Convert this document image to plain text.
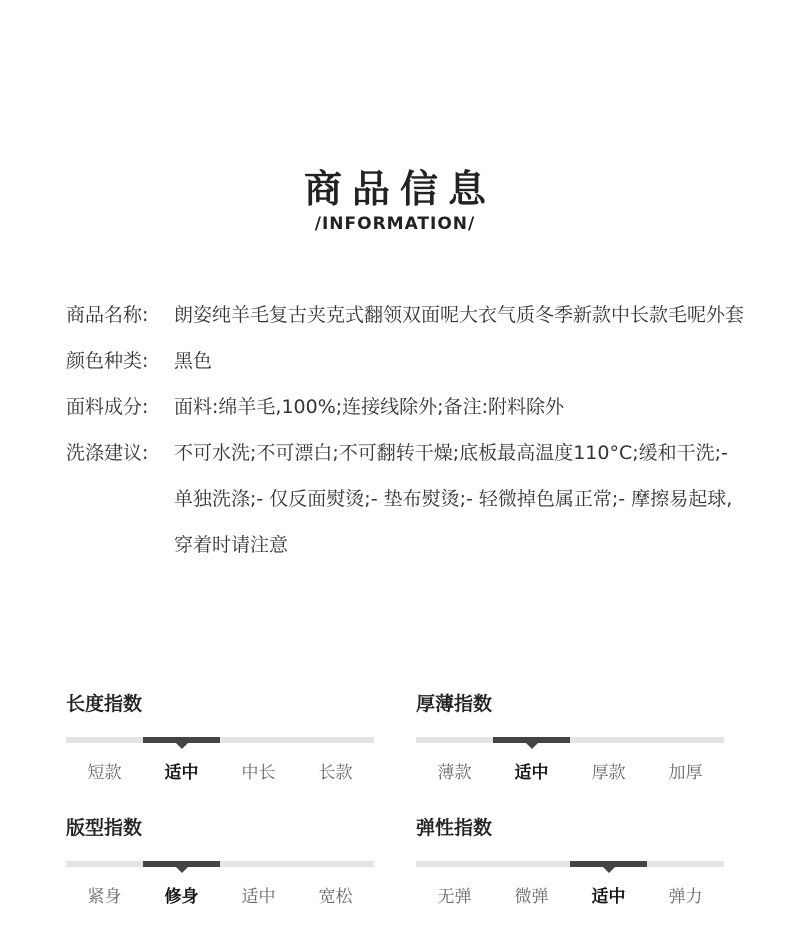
商品信息
/INFORMATION/
商品名称:	朗姿纯羊毛复古夹克式翻领双面呢大衣气质冬季新款中长款毛呢外套
颜色种类:	黑色
面料成分:	面料:绵羊毛,100%;连接线除外;备注:附料除外
洗涤建议:	不可水洗;不可漂白;不可翻转干燥;底板最高温度110°C;缓和干洗;- 单独洗涤;- 仅反面熨烫;- 垫布熨烫;- 轻微掉色属正常;- 摩擦易起球,穿着时请注意
长度指数
短款	适中	中长	长款
厚薄指数
薄款	适中	厚款	加厚
版型指数
紧身	修身	适中	宽松
弹性指数
无弹	微弹	适中	弹力
